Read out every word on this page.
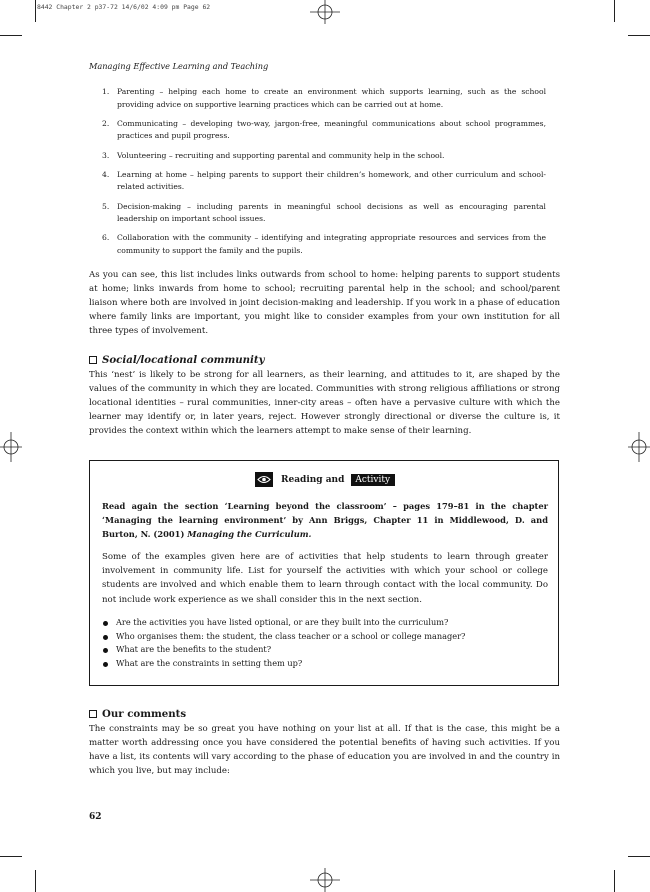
8442 Chapter 2 p37-72 14/6/02 4:09 pm Page 62
Managing Effective Learning and Teaching
1. Parenting – helping each home to create an environment which supports learning, such as the school providing advice on supportive learning practices which can be carried out at home.
2. Communicating – developing two-way, jargon-free, meaningful communications about school programmes, practices and pupil progress.
3. Volunteering – recruiting and supporting parental and community help in the school.
4. Learning at home – helping parents to support their children’s homework, and other curriculum and school-related activities.
5. Decision-making – including parents in meaningful school decisions as well as encouraging parental leadership on important school issues.
6. Collaboration with the community – identifying and integrating appropriate resources and services from the community to support the family and the pupils.

As you can see, this list includes links outwards from school to home: helping parents to support students at home; links inwards from home to school; recruiting parental help in the school; and school/parent liaison where both are involved in joint decision-making and leadership. If you work in a phase of education where family links are important, you might like to consider examples from your own institution for all three types of involvement.

Social/locational community

This ‘nest’ is likely to be strong for all learners, as their learning, and attitudes to it, are shaped by the values of the community in which they are located. Communities with strong religious affiliations or strong locational identities – rural communities, inner-city areas – often have a pervasive culture with which the learner may identify or, in later years, reject. However strongly directional or diverse the culture is, it provides the context within which the learners attempt to make sense of their learning.

Reading and	Activity

Read again the section ‘Learning beyond the classroom’ – pages 179–81 in the chapter ‘Managing the learning environment’ by Ann Briggs, Chapter 11 in Middlewood, D. and Burton, N. (2001) Managing the Curriculum.

Some of the examples given here are of activities that help students to learn through greater involvement in community life. List for yourself the activities with which your school or college students are involved and which enable them to learn through contact with the local community. Do not include work experience as we shall consider this in the next section.

Are the activities you have listed optional, or are they built into the curriculum?
Who organises them: the student, the class teacher or a school or college manager?
What are the benefits to the student?
What are the constraints in setting them up?
Our comments

The constraints may be so great you have nothing on your list at all. If that is the case, this might be a matter worth addressing once you have considered the potential benefits of having such activities. If you have a list, its contents will vary according to the phase of education you are involved in and the country in which you live, but may include:

62
